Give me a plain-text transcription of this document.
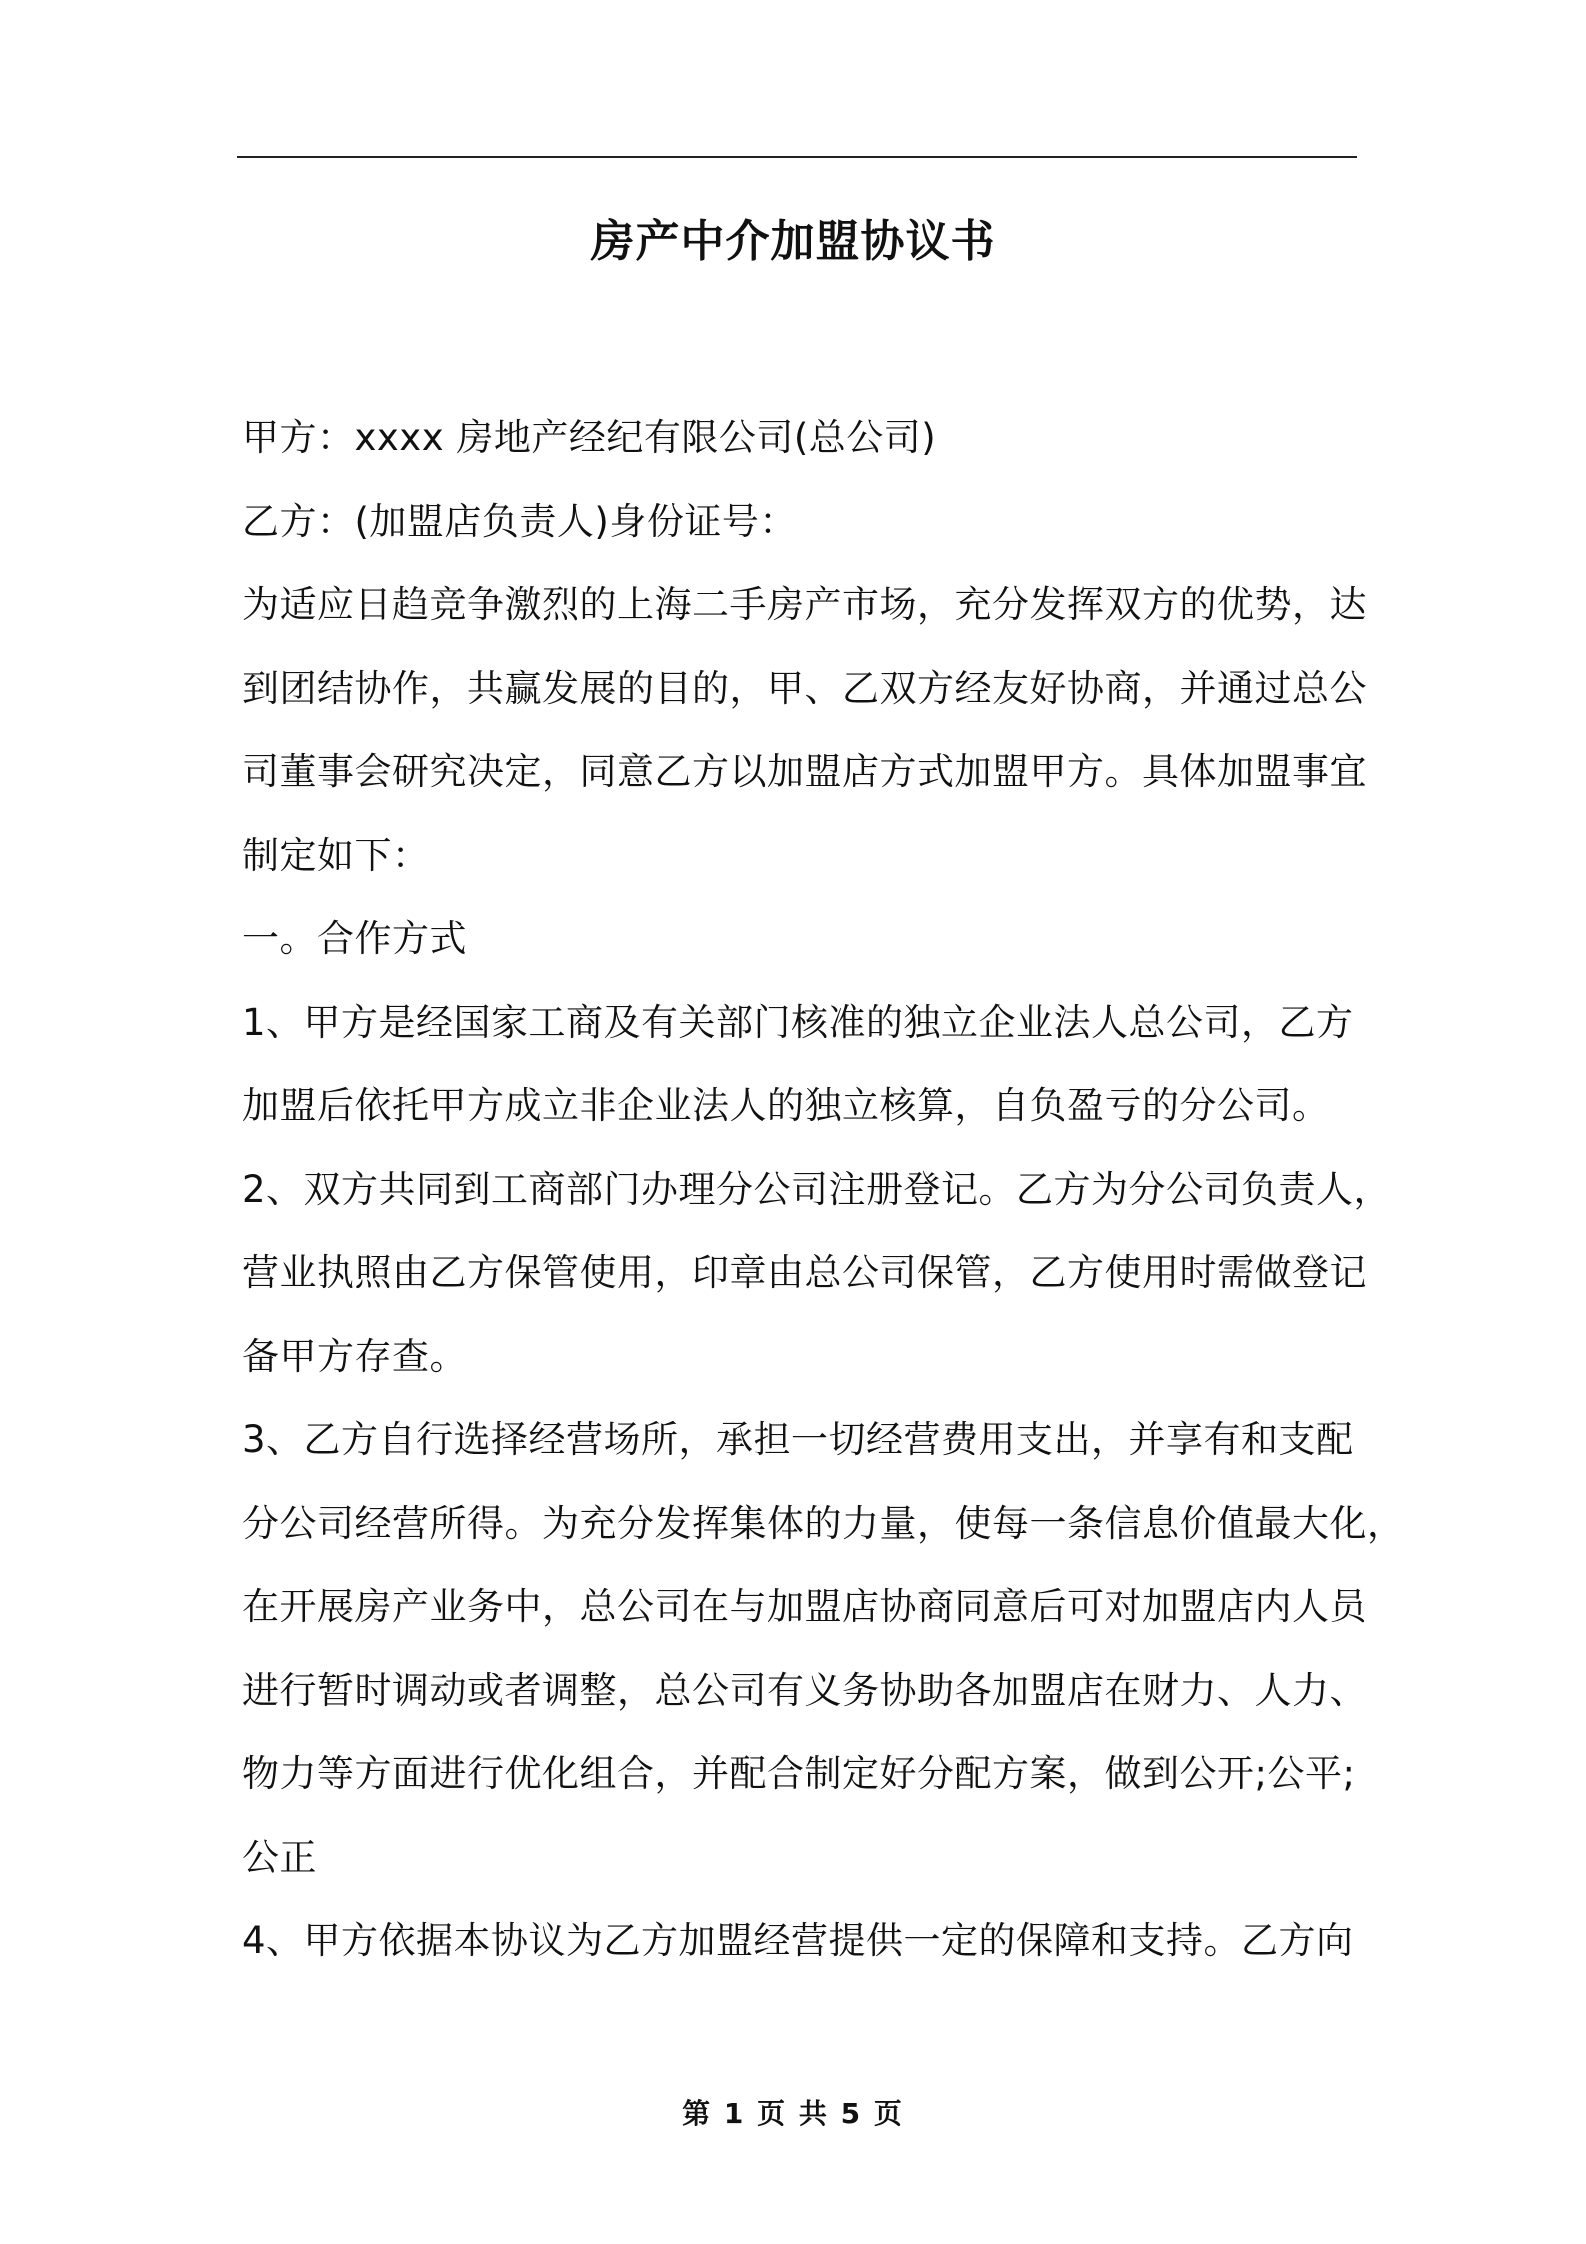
房产中介加盟协议书
甲方：xxxx 房地产经纪有限公司(总公司)
乙方：(加盟店负责人)身份证号：
为适应日趋竞争激烈的上海二手房产市场，充分发挥双方的优势，达
到团结协作，共赢发展的目的，甲、乙双方经友好协商，并通过总公
司董事会研究决定，同意乙方以加盟店方式加盟甲方。具体加盟事宜
制定如下：
一。合作方式
1、甲方是经国家工商及有关部门核准的独立企业法人总公司，乙方
加盟后依托甲方成立非企业法人的独立核算，自负盈亏的分公司。
2、双方共同到工商部门办理分公司注册登记。乙方为分公司负责人，
营业执照由乙方保管使用，印章由总公司保管，乙方使用时需做登记
备甲方存查。
3、乙方自行选择经营场所，承担一切经营费用支出，并享有和支配
分公司经营所得。为充分发挥集体的力量，使每一条信息价值最大化，
在开展房产业务中，总公司在与加盟店协商同意后可对加盟店内人员
进行暂时调动或者调整，总公司有义务协助各加盟店在财力、人力、
物力等方面进行优化组合，并配合制定好分配方案，做到公开;公平;
公正
4、甲方依据本协议为乙方加盟经营提供一定的保障和支持。乙方向
第 1 页 共 5 页
